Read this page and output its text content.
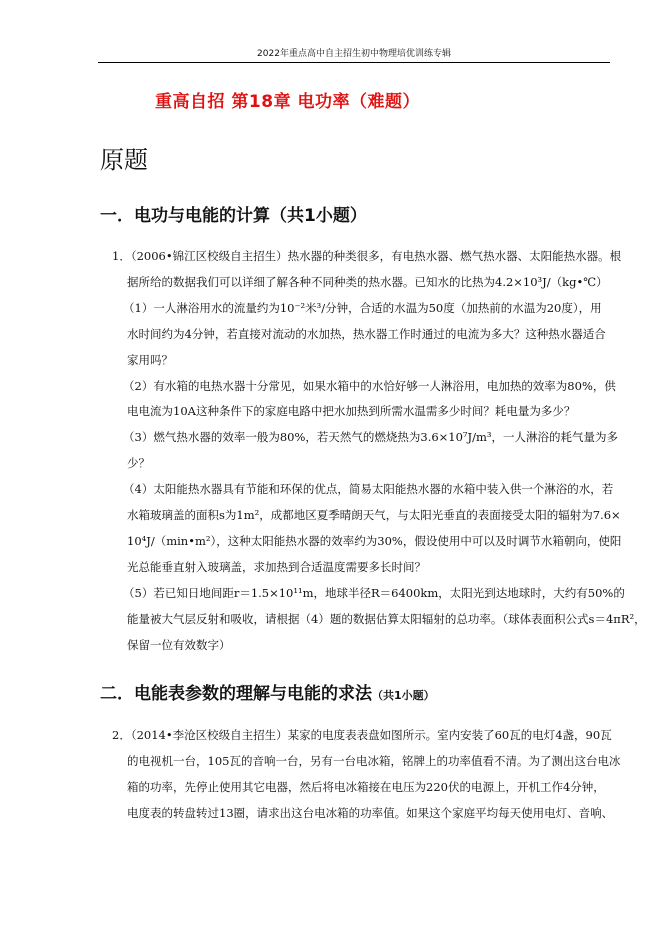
2022年重点高中自主招生初中物理培优训练专辑
重高自招 第18章 电功率（难题）
原题
一．电功与电能的计算（共1小题）
二．电能表参数的理解与电能的求法（共1小题）
1．（2006•锦江区校级自主招生）热水器的种类很多，有电热水器、燃气热水器、太阳能热水器。根
据所给的数据我们可以详细了解各种不同种类的热水器。已知水的比热为4.2×10³J/（kg•℃）
（1）一人淋浴用水的流量约为10⁻²米³/分钟，合适的水温为50度（加热前的水温为20度），用
水时间约为4分钟，若直接对流动的水加热，热水器工作时通过的电流为多大？这种热水器适合
家用吗？
（2）有水箱的电热水器十分常见，如果水箱中的水恰好够一人淋浴用，电加热的效率为80%，供
电电流为10A这种条件下的家庭电路中把水加热到所需水温需多少时间？耗电量为多少？
（3）燃气热水器的效率一般为80%，若天然气的燃烧热为3.6×10⁷J/m³，一人淋浴的耗气量为多
少？
（4）太阳能热水器具有节能和环保的优点，简易太阳能热水器的水箱中装入供一个淋浴的水，若
水箱玻璃盖的面积s为1m²，成都地区夏季晴朗天气，与太阳光垂直的表面接受太阳的辐射为7.6×
10⁴J/（min•m²），这种太阳能热水器的效率约为30%，假设使用中可以及时调节水箱朝向，使阳
光总能垂直射入玻璃盖，求加热到合适温度需要多长时间？
（5）若已知日地间距r＝1.5×10¹¹m，地球半径R＝6400km，太阳光到达地球时，大约有50%的
能量被大气层反射和吸收，请根据（4）题的数据估算太阳辐射的总功率。（球体表面积公式s＝4πR²，
保留一位有效数字）
2．（2014•李沧区校级自主招生）某家的电度表表盘如图所示。室内安装了60瓦的电灯4盏，90瓦
的电视机一台，105瓦的音响一台，另有一台电冰箱，铭牌上的功率值看不清。为了测出这台电冰
箱的功率，先停止使用其它电器，然后将电冰箱接在电压为220伏的电源上，开机工作4分钟，
电度表的转盘转过13圈，请求出这台电冰箱的功率值。如果这个家庭平均每天使用电灯、音响、
